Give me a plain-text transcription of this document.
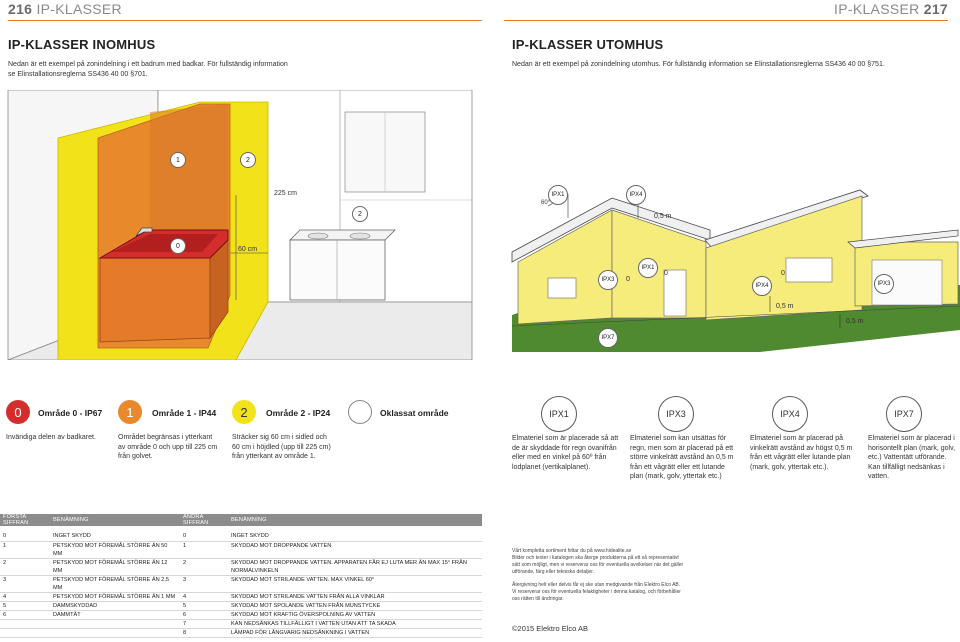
216 IP-KLASSER	IP-KLASSER 217
IP-KLASSER INOMHUS
Nedan är ett exempel på zonindelning i ett badrum med badkar. För fullständig information
se Elinstallationsreglerna SS436 40 00 §701.
IP-KLASSER UTOMHUS
Nedan är ett exempel på zonindelning utomhus. För fullständig information se Elinstallationsreglerna SS436 40 00 §751.
1	2
2
0
225 cm
60 cm
60°
IPX1	IPX4
0,5 m
IPX1
IPX3	0
0
IPX4
0
IPX3
0,5 m
0,5 m
IPX7
0	Område 0 - IP67
Invändiga delen av badkaret.
1	Område 1 - IP44
Området begränsas i ytterkant av område 0 och upp till 225 cm från golvet.
2	Område 2 - IP24
Sträcker sig 60 cm i sidled och 60 cm i höjdled (upp till 225 cm) från ytterkant av område 1.
Oklassat område	IPX1
Elmateriel som är placerade så att de är skyddade för regn ovanifrån eller med en vinkel på 60º från lodplanet (vertikalplanet).
IPX3
Elmateriel som kan utsättas för regn, men som är placerad på ett större vinkelrätt avstånd än 0,5 m från ett vågrätt eller ett lutande plan (mark, golv, yttertak etc.)
IPX4
Elmateriel som är placerad på vinkelrätt avstånd av högst 0,5 m från ett vågrätt eller lutande plan (mark, golv, yttertak etc.).
IPX7
Elmateriel som är placerad i horisontellt plan (mark, golv, etc.) Vattentätt utförande. Kan tillfälligt nedsänkas i vatten.
FÖRSTA SIFFRAN	BENÄMNING	ANDRA SIFFRAN	BENÄMNING

0	INGET SKYDD	0	INGET SKYDD
1	PETSKYDD MOT FÖREMÅL STÖRRE ÄN 50 MM	1	SKYDDAD MOT DROPPANDE VATTEN
2	PETSKYDD MOT FÖREMÅL STÖRRE ÄN 12 MM	2	SKYDDAD MOT DROPPANDE VATTEN. APPARATEN FÅR EJ LUTA MER ÄN MAX 15° FRÅN NORMALVINKELN
3	PETSKYDD MOT FÖREMÅL STÖRRE ÄN 2,5 MM	3	SKYDDAD MOT STRILANDE VATTEN. MAX VINKEL 60°
4	PETSKYDD MOT FÖREMÅL STÖRRE ÄN 1 MM	4	SKYDDAD MOT STRILANDE VATTEN FRÅN ALLA VINKLAR
5	DAMMSKYDDAD	5	SKYDDAD MOT SPOLANDE VATTEN FRÅN MUNSTYCKE
6	DAMMTÄT	6	SKYDDAD MOT KRAFTIG ÖVERSPOLNING AV VATTEN
		7	KAN NEDSÄNKAS TILLFÄLLIGT I VATTEN UTAN ATT TA SKADA
		8	LÄMPAD FÖR LÅNGVARIG NEDSÄNKNING I VATTEN
Vårt kompletta sortiment hittar du på www.hidealite.se
Bilder och texter i katalogen ska återge produkterna på ett så representativt
sätt som möjligt, men vi reserverar oss för eventuella avvikelser när det gäller
utförande, färg eller tekniska detaljer.
Återgivning helt eller delvis får ej ske utan medgivande från Elektro Elco AB.
Vi reserverar oss för eventuella felaktigheter i denna katalog, och förbehåller
oss rätten till ändringar.
©2015 Elektro Elco AB
